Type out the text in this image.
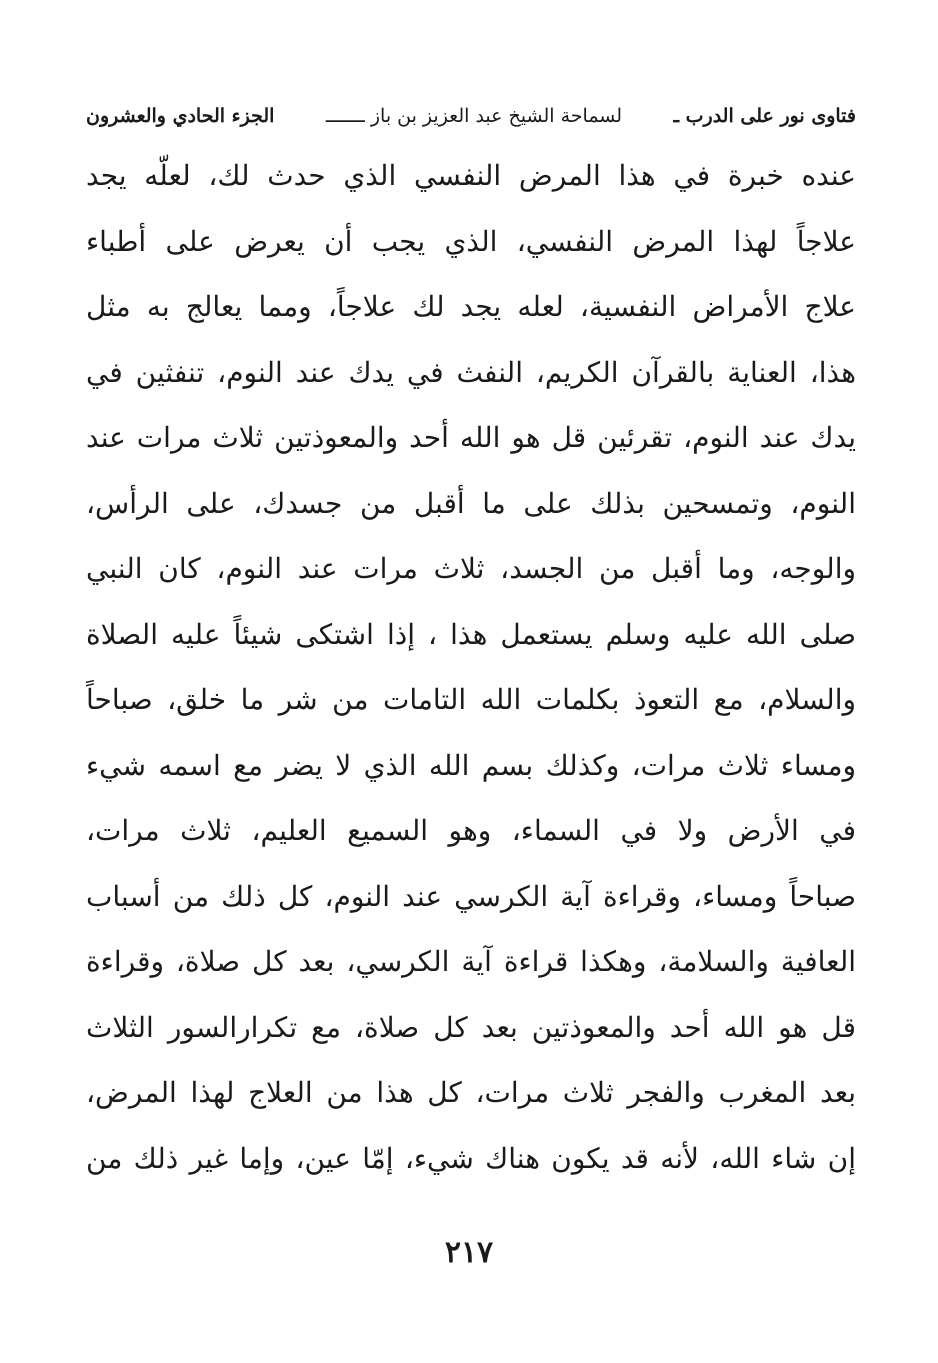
فتاوى نور على الدرب ـ
لسماحة الشيخ عبد العزيز بن باز ـــــــ
الجزء الحادي والعشرون
عنده خبرة في هذا المرض النفسي الذي حدث لك، لعلّه يجد
علاجاً لهذا المرض النفسي، الذي يجب أن يعرض على أطباء
علاج الأمراض النفسية، لعله يجد لك علاجاً، ومما يعالج به مثل
هذا، العناية بالقرآن الكريم، النفث في يدك عند النوم، تنفثين في
يدك عند النوم، تقرئين قل هو الله أحد والمعوذتين ثلاث مرات عند
النوم، وتمسحين بذلك على ما أقبل من جسدك، على الرأس،
والوجه، وما أقبل من الجسد، ثلاث مرات عند النوم، كان النبي
صلى الله عليه وسلم يستعمل هذا ، إذا اشتكى شيئاً عليه الصلاة
والسلام، مع التعوذ بكلمات الله التامات من شر ما خلق، صباحاً
ومساء ثلاث مرات، وكذلك بسم الله الذي لا يضر مع اسمه شيء
في الأرض ولا في السماء، وهو السميع العليم، ثلاث مرات،
صباحاً ومساء، وقراءة آية الكرسي عند النوم، كل ذلك من أسباب
العافية والسلامة، وهكذا قراءة آية الكرسي، بعد كل صلاة، وقراءة
قل هو الله أحد والمعوذتين بعد كل صلاة، مع تكرارالسور الثلاث
بعد المغرب والفجر ثلاث مرات، كل هذا من العلاج لهذا المرض،
إن شاء الله، لأنه قد يكون هناك شيء، إمّا عين، وإما غير ذلك من
٢١٧
